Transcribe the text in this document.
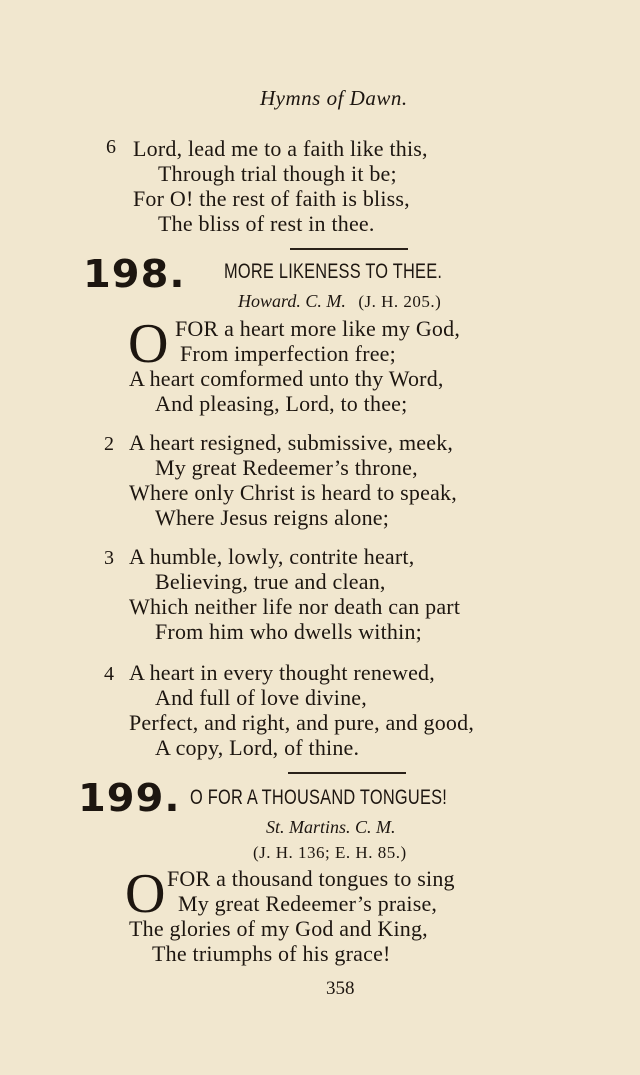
Hymns of Dawn.
6 Lord, lead me to a faith like this,
Through trial though it be;
For O! the rest of faith is bliss,
The bliss of rest in thee.
198. MORE LIKENESS TO THEE.
Howard. C. M. (J. H. 205.)
O FOR a heart more like my God,
From imperfection free;
A heart comformed unto thy Word,
And pleasing, Lord, to thee;
2 A heart resigned, submissive, meek,
My great Redeemer’s throne,
Where only Christ is heard to speak,
Where Jesus reigns alone;
3 A humble, lowly, contrite heart,
Believing, true and clean,
Which neither life nor death can part
From him who dwells within;
4 A heart in every thought renewed,
And full of love divine,
Perfect, and right, and pure, and good,
A copy, Lord, of thine.
199. O FOR A THOUSAND TONGUES!
St. Martins. C. M.
(J. H. 136; E. H. 85.)
O FOR a thousand tongues to sing
My great Redeemer’s praise,
The glories of my God and King,
The triumphs of his grace!
358
